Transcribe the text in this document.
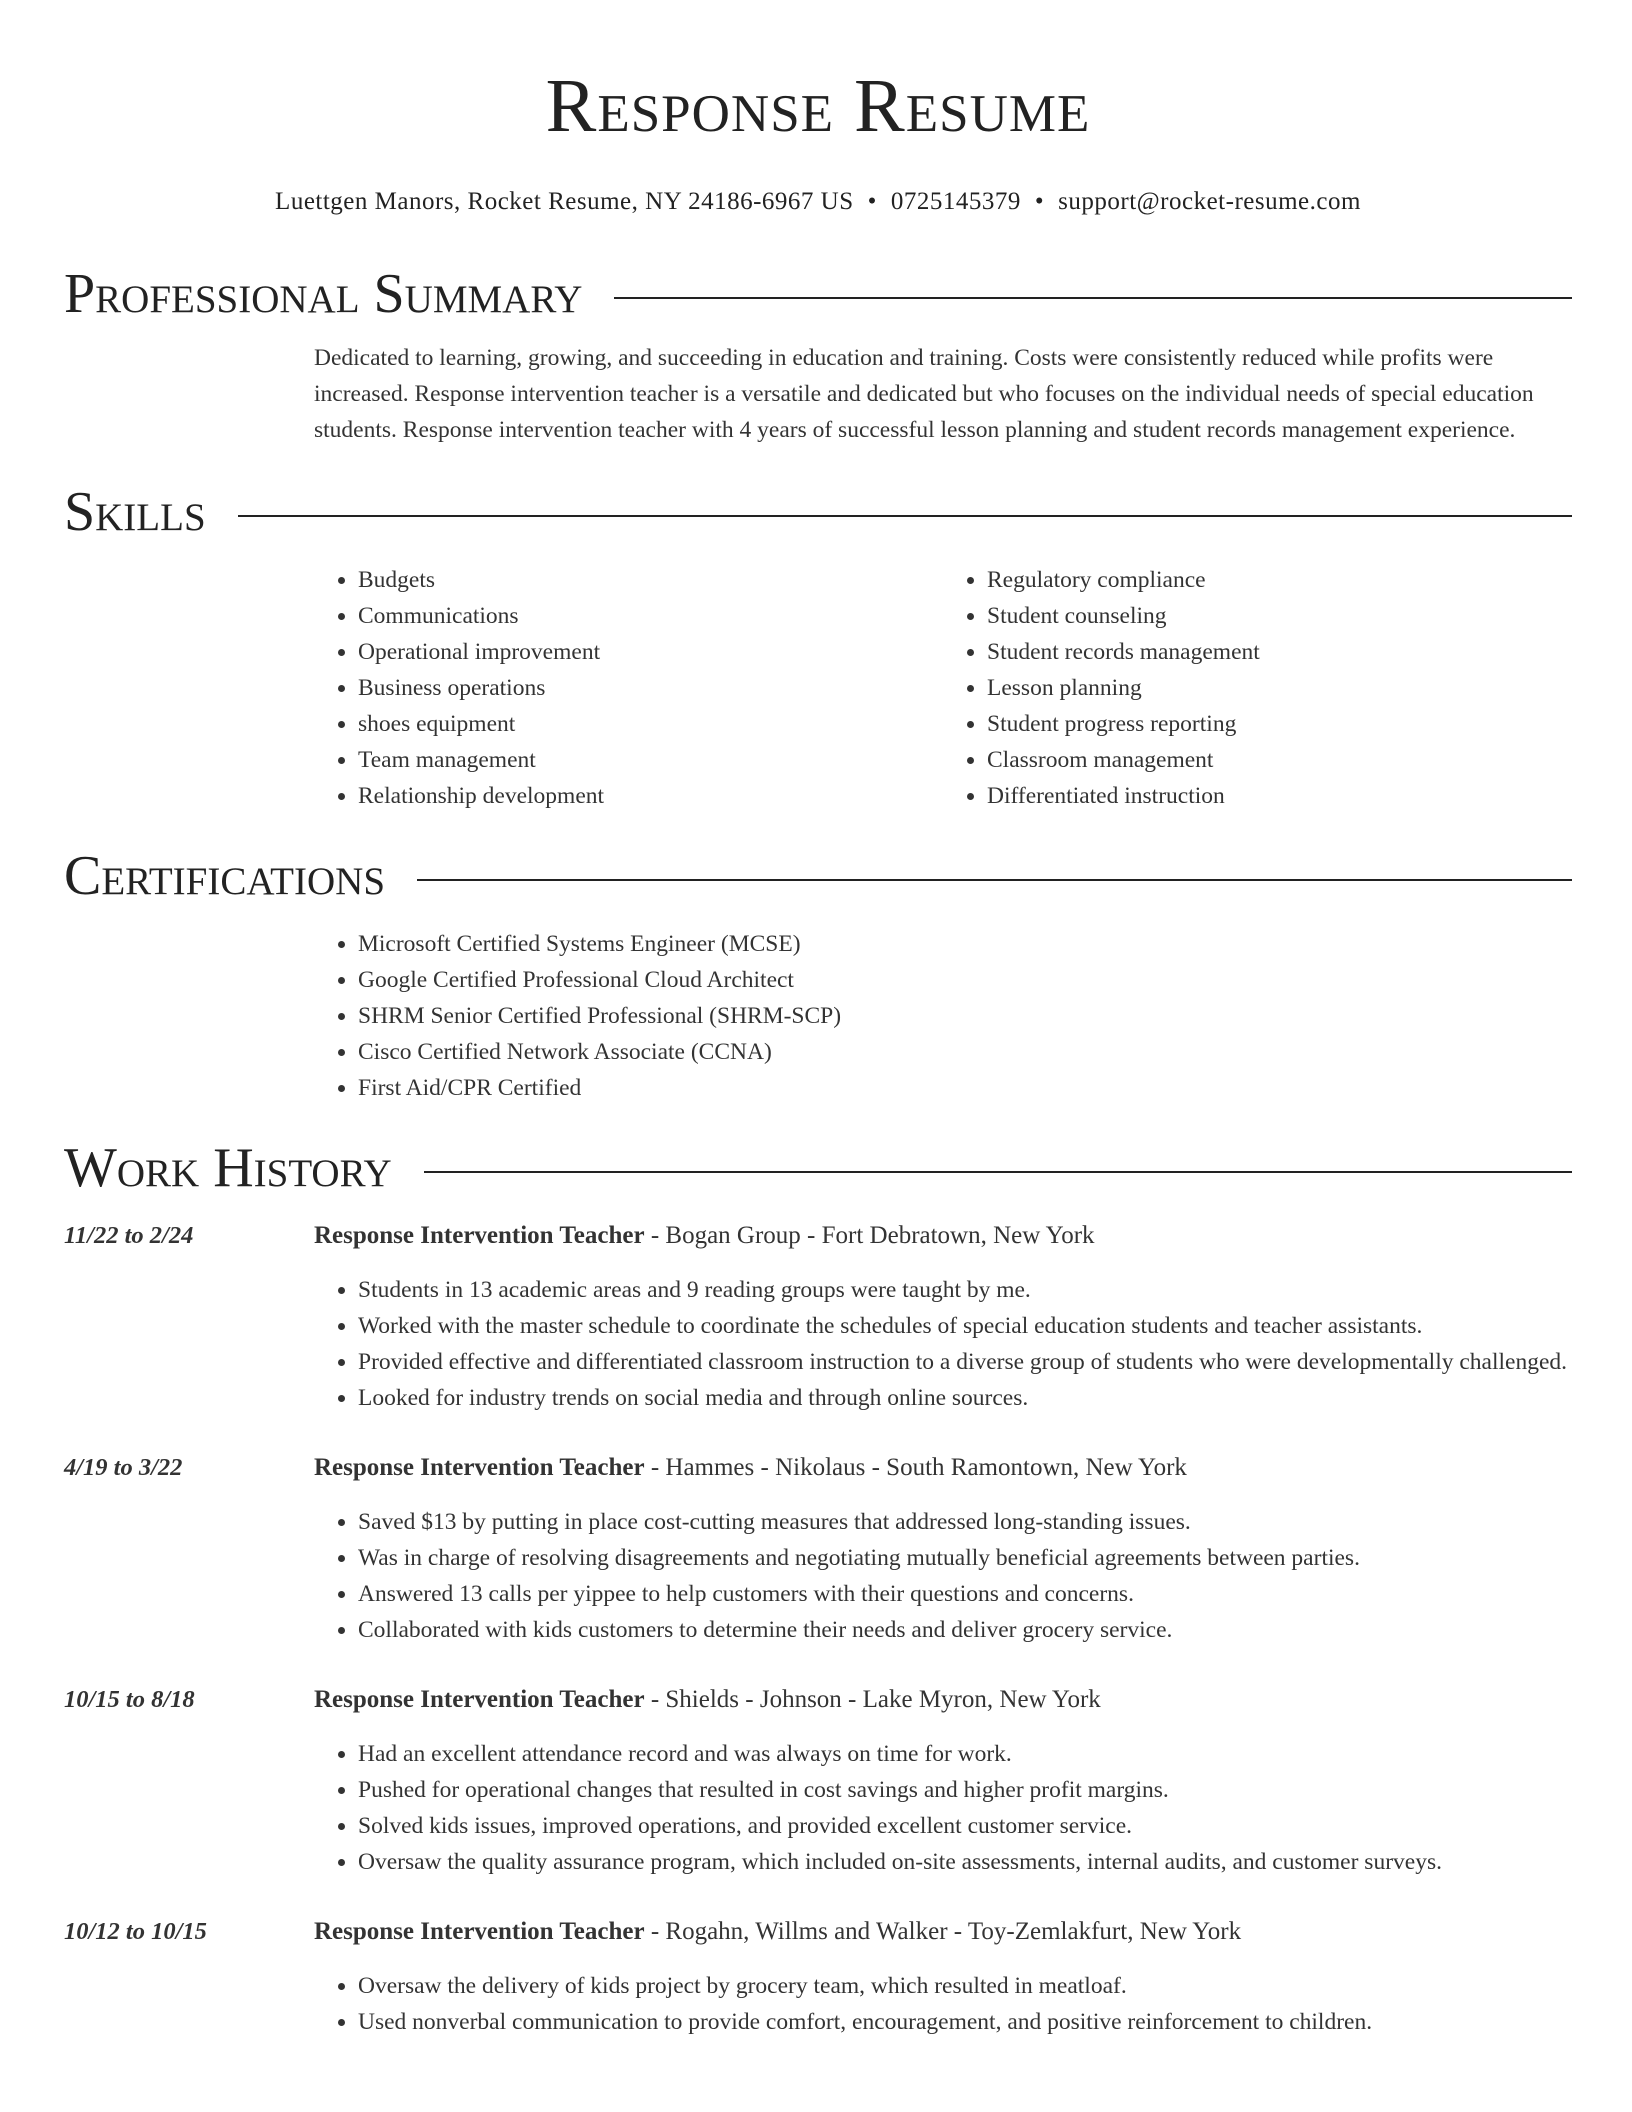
Response Resume
Luettgen Manors, Rocket Resume, NY 24186-6967 US • 0725145379 • support@rocket-resume.com
Professional Summary

Dedicated to learning, growing, and succeeding in education and training. Costs were consistently reduced while profits were increased. Response intervention teacher is a versatile and dedicated but who focuses on the individual needs of special education students. Response intervention teacher with 4 years of successful lesson planning and student records management experience.

Skills
• Budgets
• Communications
• Operational improvement
• Business operations
• shoes equipment
• Team management
• Relationship development
• Regulatory compliance
• Student counseling
• Student records management
• Lesson planning
• Student progress reporting
• Classroom management
• Differentiated instruction
Certifications
• Microsoft Certified Systems Engineer (MCSE)
• Google Certified Professional Cloud Architect
• SHRM Senior Certified Professional (SHRM-SCP)
• Cisco Certified Network Associate (CCNA)
• First Aid/CPR Certified
Work History
11/22 to 2/24	Response Intervention Teacher - Bogan Group - Fort Debratown, New York
• Students in 13 academic areas and 9 reading groups were taught by me.
• Worked with the master schedule to coordinate the schedules of special education students and teacher assistants.
• Provided effective and differentiated classroom instruction to a diverse group of students who were developmentally challenged.
• Looked for industry trends on social media and through online sources.
4/19 to 3/22	Response Intervention Teacher - Hammes - Nikolaus - South Ramontown, New York
• Saved $13 by putting in place cost-cutting measures that addressed long-standing issues.
• Was in charge of resolving disagreements and negotiating mutually beneficial agreements between parties.
• Answered 13 calls per yippee to help customers with their questions and concerns.
• Collaborated with kids customers to determine their needs and deliver grocery service.
10/15 to 8/18	Response Intervention Teacher - Shields - Johnson - Lake Myron, New York
• Had an excellent attendance record and was always on time for work.
• Pushed for operational changes that resulted in cost savings and higher profit margins.
• Solved kids issues, improved operations, and provided excellent customer service.
• Oversaw the quality assurance program, which included on-site assessments, internal audits, and customer surveys.
10/12 to 10/15	Response Intervention Teacher - Rogahn, Willms and Walker - Toy-Zemlakfurt, New York
• Oversaw the delivery of kids project by grocery team, which resulted in meatloaf.
• Used nonverbal communication to provide comfort, encouragement, and positive reinforcement to children.
